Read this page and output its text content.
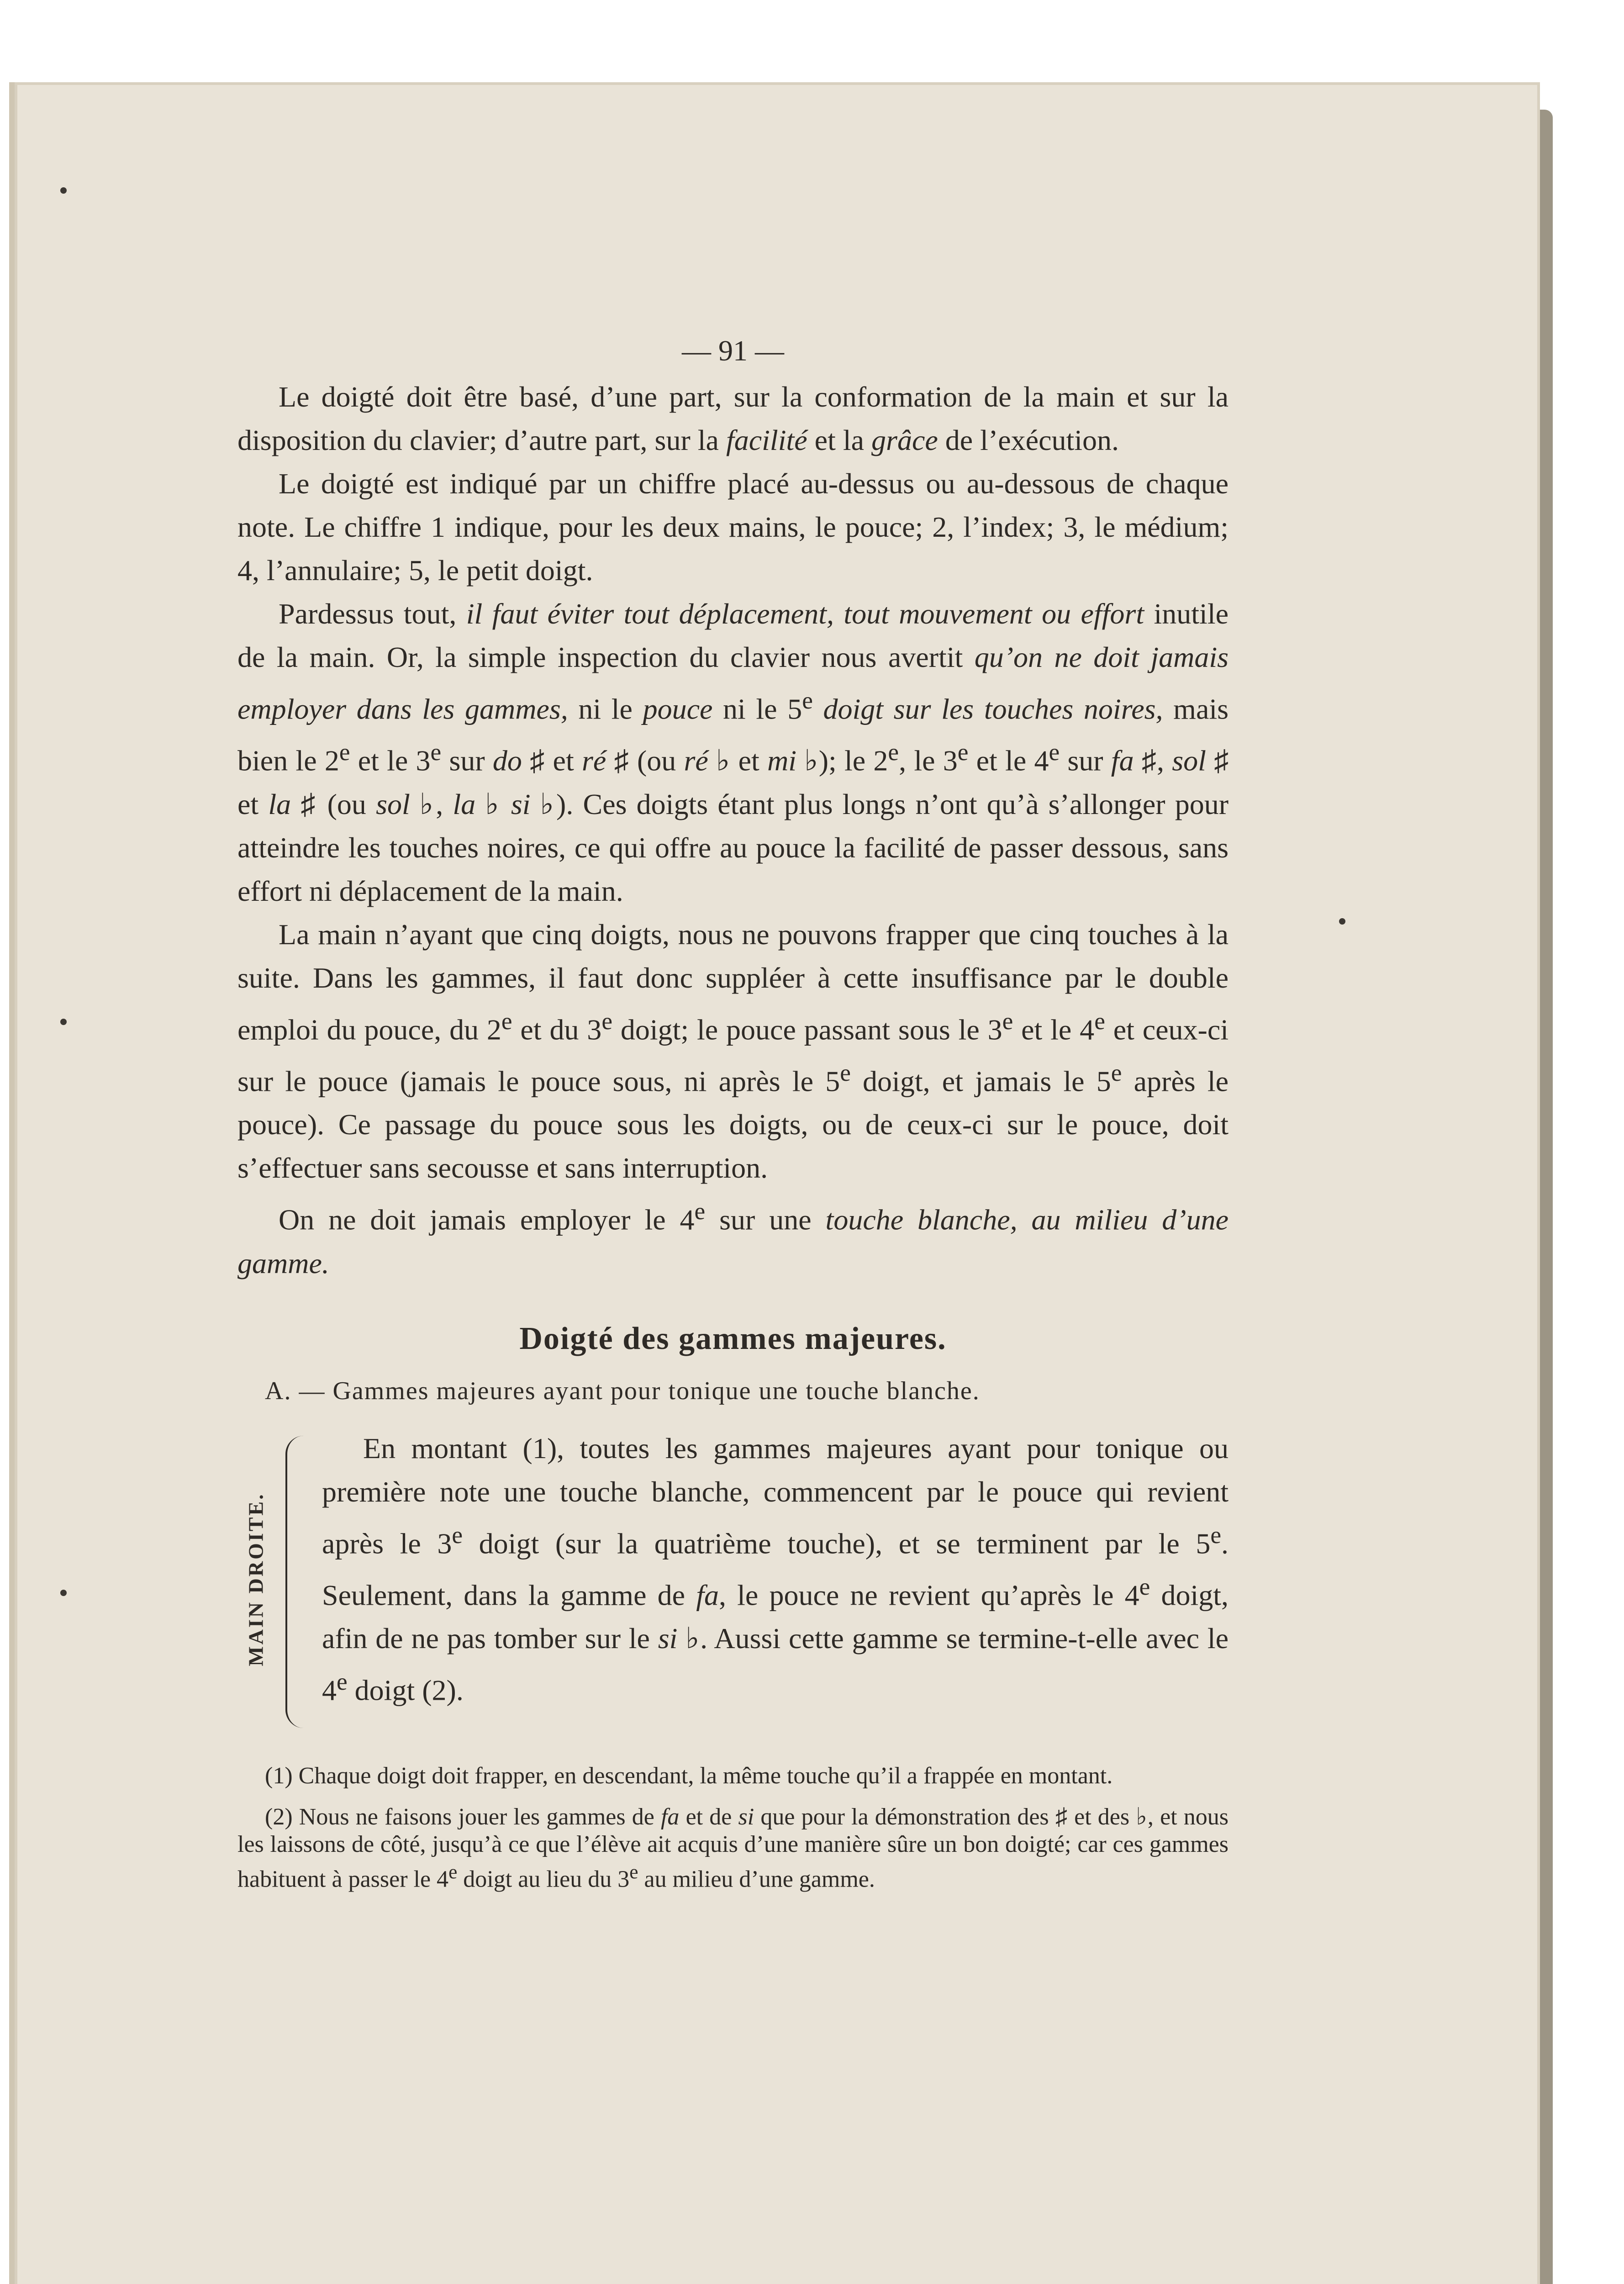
— 91 —

Le doigté doit être basé, d’une part, sur la conformation de la main et sur la disposition du clavier; d’autre part, sur la facilité et la grâce de l’exécution.

Le doigté est indiqué par un chiffre placé au-dessus ou au-dessous de chaque note. Le chiffre 1 indique, pour les deux mains, le pouce; 2, l’index; 3, le médium; 4, l’annulaire; 5, le petit doigt.

Pardessus tout, il faut éviter tout déplacement, tout mouvement ou effort inutile de la main. Or, la simple inspection du clavier nous avertit qu’on ne doit jamais employer dans les gammes, ni le pouce ni le 5e doigt sur les touches noires, mais bien le 2e et le 3e sur do ♯ et ré ♯ (ou ré ♭ et mi ♭); le 2e, le 3e et le 4e sur fa ♯, sol ♯ et la ♯ (ou sol ♭, la ♭ si ♭). Ces doigts étant plus longs n’ont qu’à s’allonger pour atteindre les touches noires, ce qui offre au pouce la facilité de passer dessous, sans effort ni déplacement de la main.

La main n’ayant que cinq doigts, nous ne pouvons frapper que cinq touches à la suite. Dans les gammes, il faut donc suppléer à cette insuffisance par le double emploi du pouce, du 2e et du 3e doigt; le pouce passant sous le 3e et le 4e et ceux-ci sur le pouce (jamais le pouce sous, ni après le 5e doigt, et jamais le 5e après le pouce). Ce passage du pouce sous les doigts, ou de ceux-ci sur le pouce, doit s’effectuer sans secousse et sans interruption.

On ne doit jamais employer le 4e sur une touche blanche, au milieu d’une gamme.

Doigté des gammes majeures.
A. — Gammes majeures ayant pour tonique une touche blanche.
MAIN DROITE.

En montant (1), toutes les gammes majeures ayant pour tonique ou première note une touche blanche, commencent par le pouce qui revient après le 3e doigt (sur la quatrième touche), et se terminent par le 5e. Seulement, dans la gamme de fa, le pouce ne revient qu’après le 4e doigt, afin de ne pas tomber sur le si ♭. Aussi cette gamme se termine-t-elle avec le 4e doigt (2).

(1) Chaque doigt doit frapper, en descendant, la même touche qu’il a frappée en montant.

(2) Nous ne faisons jouer les gammes de fa et de si que pour la démonstration des ♯ et des ♭, et nous les laissons de côté, jusqu’à ce que l’élève ait acquis d’une manière sûre un bon doigté; car ces gammes habituent à passer le 4e doigt au lieu du 3e au milieu d’une gamme.
